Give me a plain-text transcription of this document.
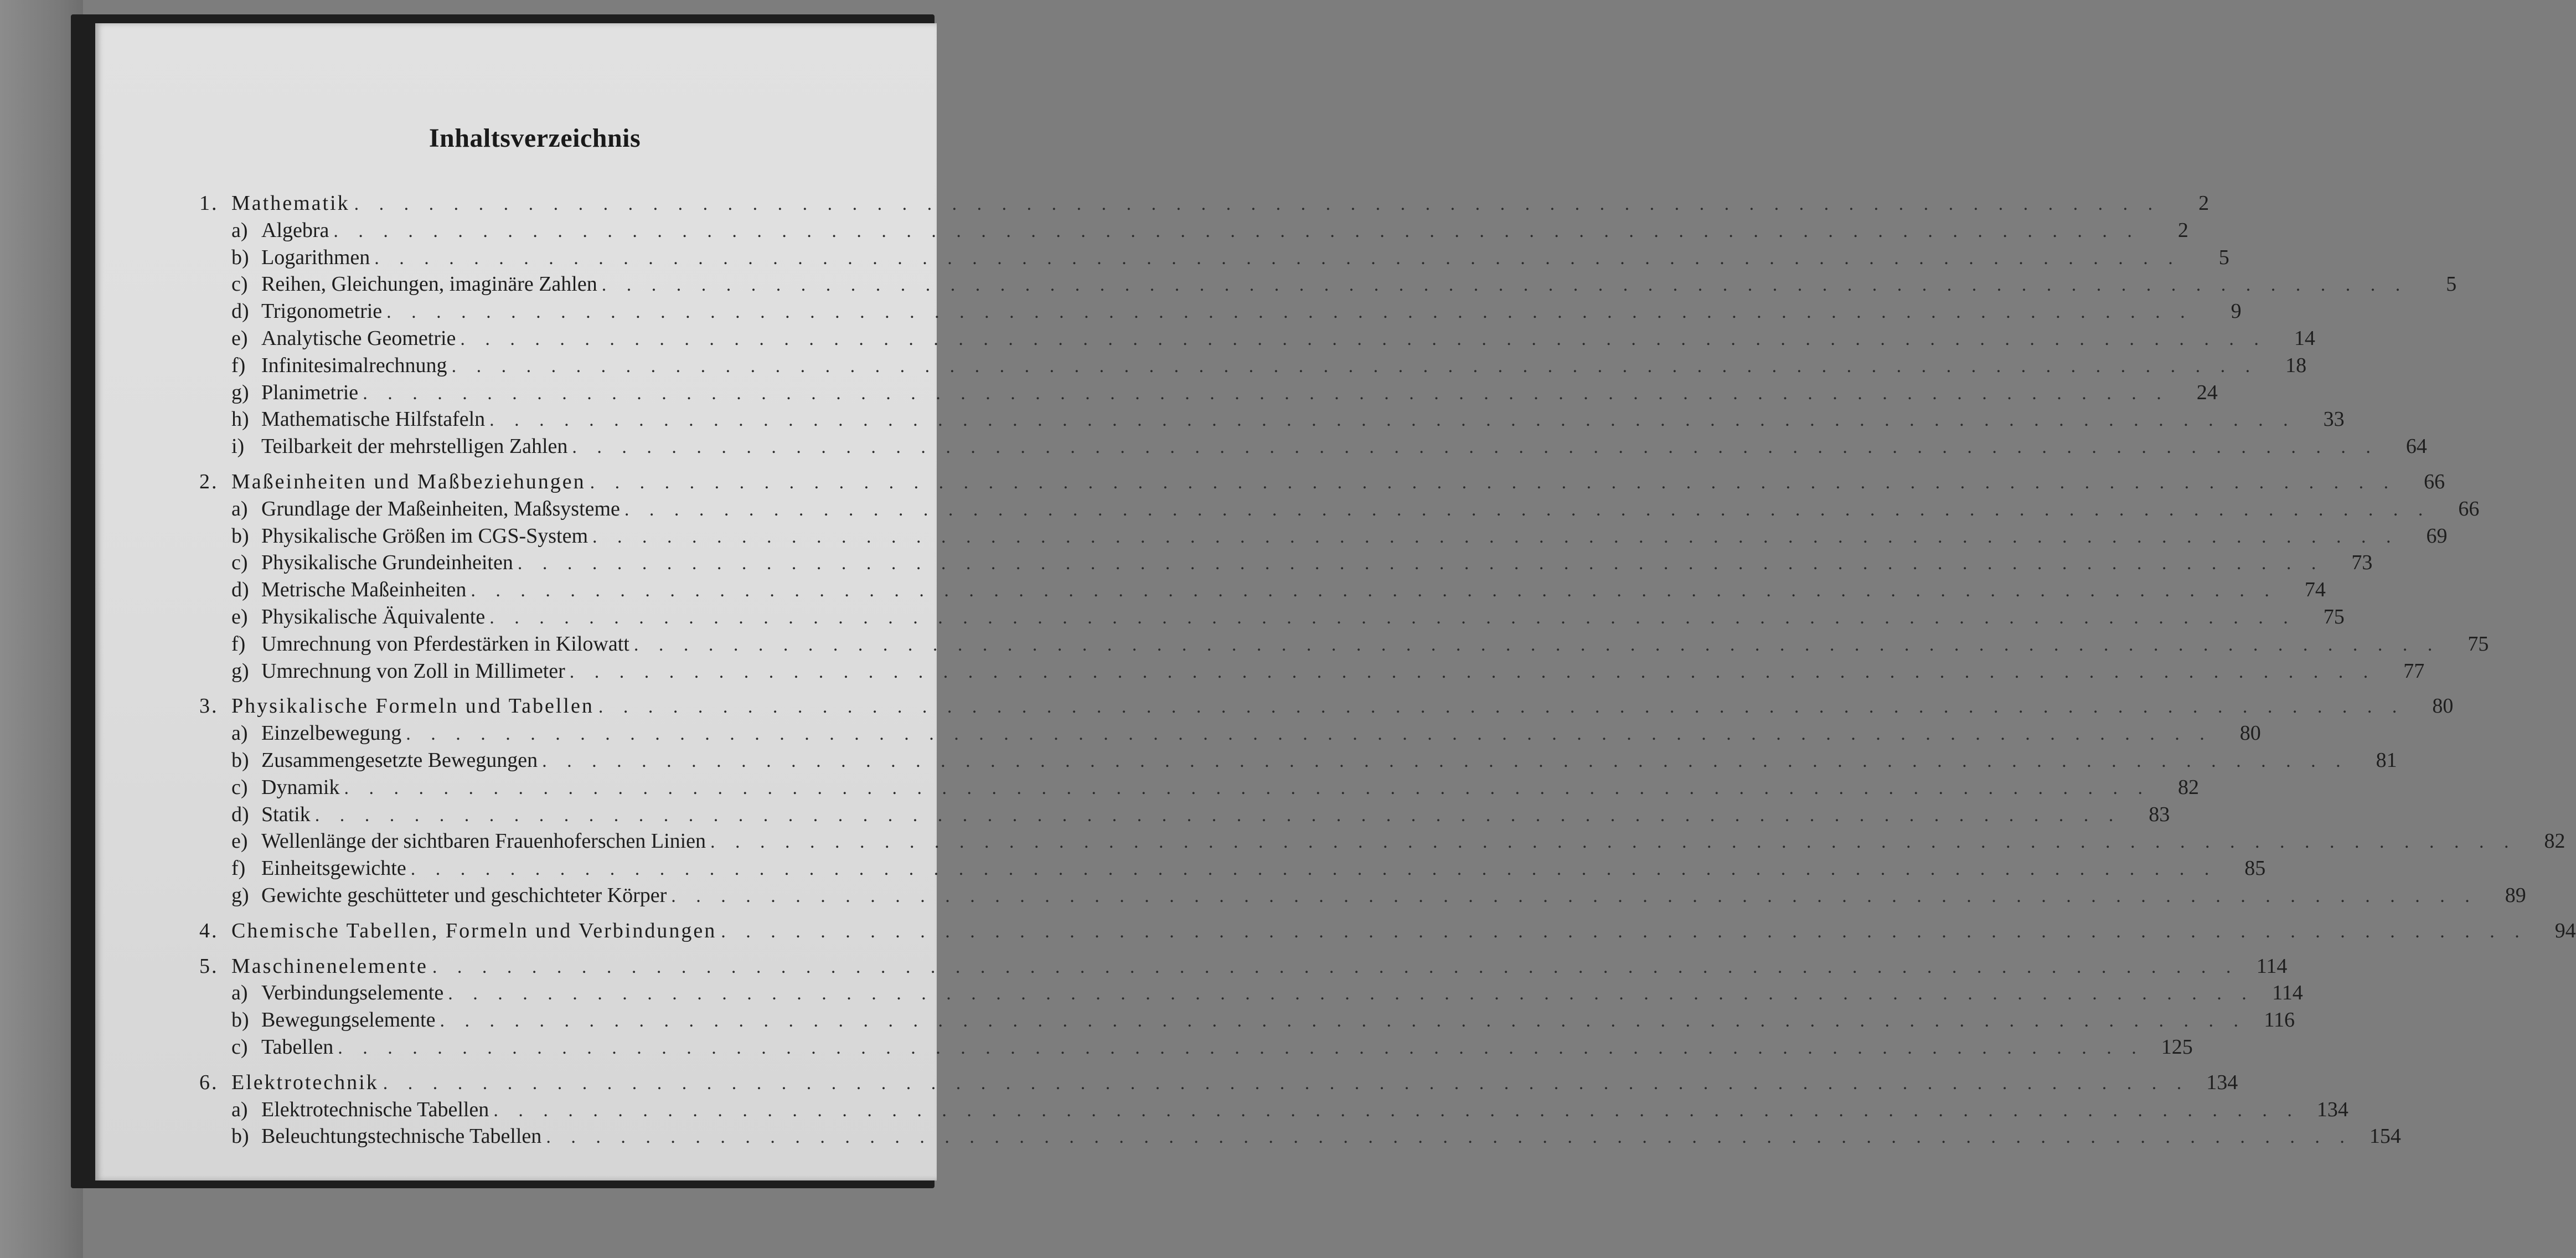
Inhaltsverzeichnis
1. Mathematik . . . . . . . . . . . . . . . . . . . . . . . . . . . . . . . . . . . . . . . . . . . . . . . . . . . . . . . . . . . . . . . . . . . . . . . . .	2
a) Algebra . . . . . . . . . . . . . . . . . . . . . . . . . . . . . . . . . . . . . . . . . . . . . . . . . . . . . . . . . . . . . . . . . . . . . . . . .	2
b) Logarithmen . . . . . . . . . . . . . . . . . . . . . . . . . . . . . . . . . . . . . . . . . . . . . . . . . . . . . . . . . . . . . . . . . . . . . . . . .	5
c) Reihen, Gleichungen, imaginäre Zahlen . . . . . . . . . . . . . . . . . . . . . . . . . . . . . . . . . . . . . . . . . . . . . . . . . . . . . . . . . . . . . . . . . . . . . . . . .	5
d) Trigonometrie . . . . . . . . . . . . . . . . . . . . . . . . . . . . . . . . . . . . . . . . . . . . . . . . . . . . . . . . . . . . . . . . . . . . . . . . .	9
e) Analytische Geometrie . . . . . . . . . . . . . . . . . . . . . . . . . . . . . . . . . . . . . . . . . . . . . . . . . . . . . . . . . . . . . . . . . . . . . . . . .	14
f) Infinitesimalrechnung . . . . . . . . . . . . . . . . . . . . . . . . . . . . . . . . . . . . . . . . . . . . . . . . . . . . . . . . . . . . . . . . . . . . . . . . .	18
g) Planimetrie . . . . . . . . . . . . . . . . . . . . . . . . . . . . . . . . . . . . . . . . . . . . . . . . . . . . . . . . . . . . . . . . . . . . . . . . .	24
h) Mathematische Hilfstafeln . . . . . . . . . . . . . . . . . . . . . . . . . . . . . . . . . . . . . . . . . . . . . . . . . . . . . . . . . . . . . . . . . . . . . . . . .	33
i) Teilbarkeit der mehrstelligen Zahlen . . . . . . . . . . . . . . . . . . . . . . . . . . . . . . . . . . . . . . . . . . . . . . . . . . . . . . . . . . . . . . . . . . . . . . . . .	64
2. Maßeinheiten und Maßbeziehungen . . . . . . . . . . . . . . . . . . . . . . . . . . . . . . . . . . . . . . . . . . . . . . . . . . . . . . . . . . . . . . . . . . . . . . . . .	66
a) Grundlage der Maßeinheiten, Maßsysteme . . . . . . . . . . . . . . . . . . . . . . . . . . . . . . . . . . . . . . . . . . . . . . . . . . . . . . . . . . . . . . . . . . . . . . . . .	66
b) Physikalische Größen im CGS-System . . . . . . . . . . . . . . . . . . . . . . . . . . . . . . . . . . . . . . . . . . . . . . . . . . . . . . . . . . . . . . . . . . . . . . . . .	69
c) Physikalische Grundeinheiten . . . . . . . . . . . . . . . . . . . . . . . . . . . . . . . . . . . . . . . . . . . . . . . . . . . . . . . . . . . . . . . . . . . . . . . . .	73
d) Metrische Maßeinheiten . . . . . . . . . . . . . . . . . . . . . . . . . . . . . . . . . . . . . . . . . . . . . . . . . . . . . . . . . . . . . . . . . . . . . . . . .	74
e) Physikalische Äquivalente . . . . . . . . . . . . . . . . . . . . . . . . . . . . . . . . . . . . . . . . . . . . . . . . . . . . . . . . . . . . . . . . . . . . . . . . .	75
f) Umrechnung von Pferdestärken in Kilowatt . . . . . . . . . . . . . . . . . . . . . . . . . . . . . . . . . . . . . . . . . . . . . . . . . . . . . . . . . . . . . . . . . . . . . . . . .	75
g) Umrechnung von Zoll in Millimeter . . . . . . . . . . . . . . . . . . . . . . . . . . . . . . . . . . . . . . . . . . . . . . . . . . . . . . . . . . . . . . . . . . . . . . . . .	77
3. Physikalische Formeln und Tabellen . . . . . . . . . . . . . . . . . . . . . . . . . . . . . . . . . . . . . . . . . . . . . . . . . . . . . . . . . . . . . . . . . . . . . . . . .	80
a) Einzelbewegung . . . . . . . . . . . . . . . . . . . . . . . . . . . . . . . . . . . . . . . . . . . . . . . . . . . . . . . . . . . . . . . . . . . . . . . . .	80
b) Zusammengesetzte Bewegungen . . . . . . . . . . . . . . . . . . . . . . . . . . . . . . . . . . . . . . . . . . . . . . . . . . . . . . . . . . . . . . . . . . . . . . . . .	81
c) Dynamik . . . . . . . . . . . . . . . . . . . . . . . . . . . . . . . . . . . . . . . . . . . . . . . . . . . . . . . . . . . . . . . . . . . . . . . . .	82
d) Statik . . . . . . . . . . . . . . . . . . . . . . . . . . . . . . . . . . . . . . . . . . . . . . . . . . . . . . . . . . . . . . . . . . . . . . . . .	83
e) Wellenlänge der sichtbaren Frauenhoferschen Linien . . . . . . . . . . . . . . . . . . . . . . . . . . . . . . . . . . . . . . . . . . . . . . . . . . . . . . . . . . . . . . . . . . . . . . . . .	82
f) Einheitsgewichte . . . . . . . . . . . . . . . . . . . . . . . . . . . . . . . . . . . . . . . . . . . . . . . . . . . . . . . . . . . . . . . . . . . . . . . . .	85
g) Gewichte geschütteter und geschichteter Körper . . . . . . . . . . . . . . . . . . . . . . . . . . . . . . . . . . . . . . . . . . . . . . . . . . . . . . . . . . . . . . . . . . . . . . . . .	89
4. Chemische Tabellen, Formeln und Verbindungen . . . . . . . . . . . . . . . . . . . . . . . . . . . . . . . . . . . . . . . . . . . . . . . . . . . . . . . . . . . . . . . . . . . . . . . . .	94
5. Maschinenelemente . . . . . . . . . . . . . . . . . . . . . . . . . . . . . . . . . . . . . . . . . . . . . . . . . . . . . . . . . . . . . . . . . . . . . . . . . 114
a) Verbindungselemente . . . . . . . . . . . . . . . . . . . . . . . . . . . . . . . . . . . . . . . . . . . . . . . . . . . . . . . . . . . . . . . . . . . . . . . . . 114
b) Bewegungselemente . . . . . . . . . . . . . . . . . . . . . . . . . . . . . . . . . . . . . . . . . . . . . . . . . . . . . . . . . . . . . . . . . . . . . . . . . 116
c) Tabellen . . . . . . . . . . . . . . . . . . . . . . . . . . . . . . . . . . . . . . . . . . . . . . . . . . . . . . . . . . . . . . . . . . . . . . . . . 125
6. Elektrotechnik . . . . . . . . . . . . . . . . . . . . . . . . . . . . . . . . . . . . . . . . . . . . . . . . . . . . . . . . . . . . . . . . . . . . . . . . . 134
a) Elektrotechnische Tabellen . . . . . . . . . . . . . . . . . . . . . . . . . . . . . . . . . . . . . . . . . . . . . . . . . . . . . . . . . . . . . . . . . . . . . . . . . 134
b) Beleuchtungstechnische Tabellen . . . . . . . . . . . . . . . . . . . . . . . . . . . . . . . . . . . . . . . . . . . . . . . . . . . . . . . . . . . . . . . . . . . . . . . . . 154
